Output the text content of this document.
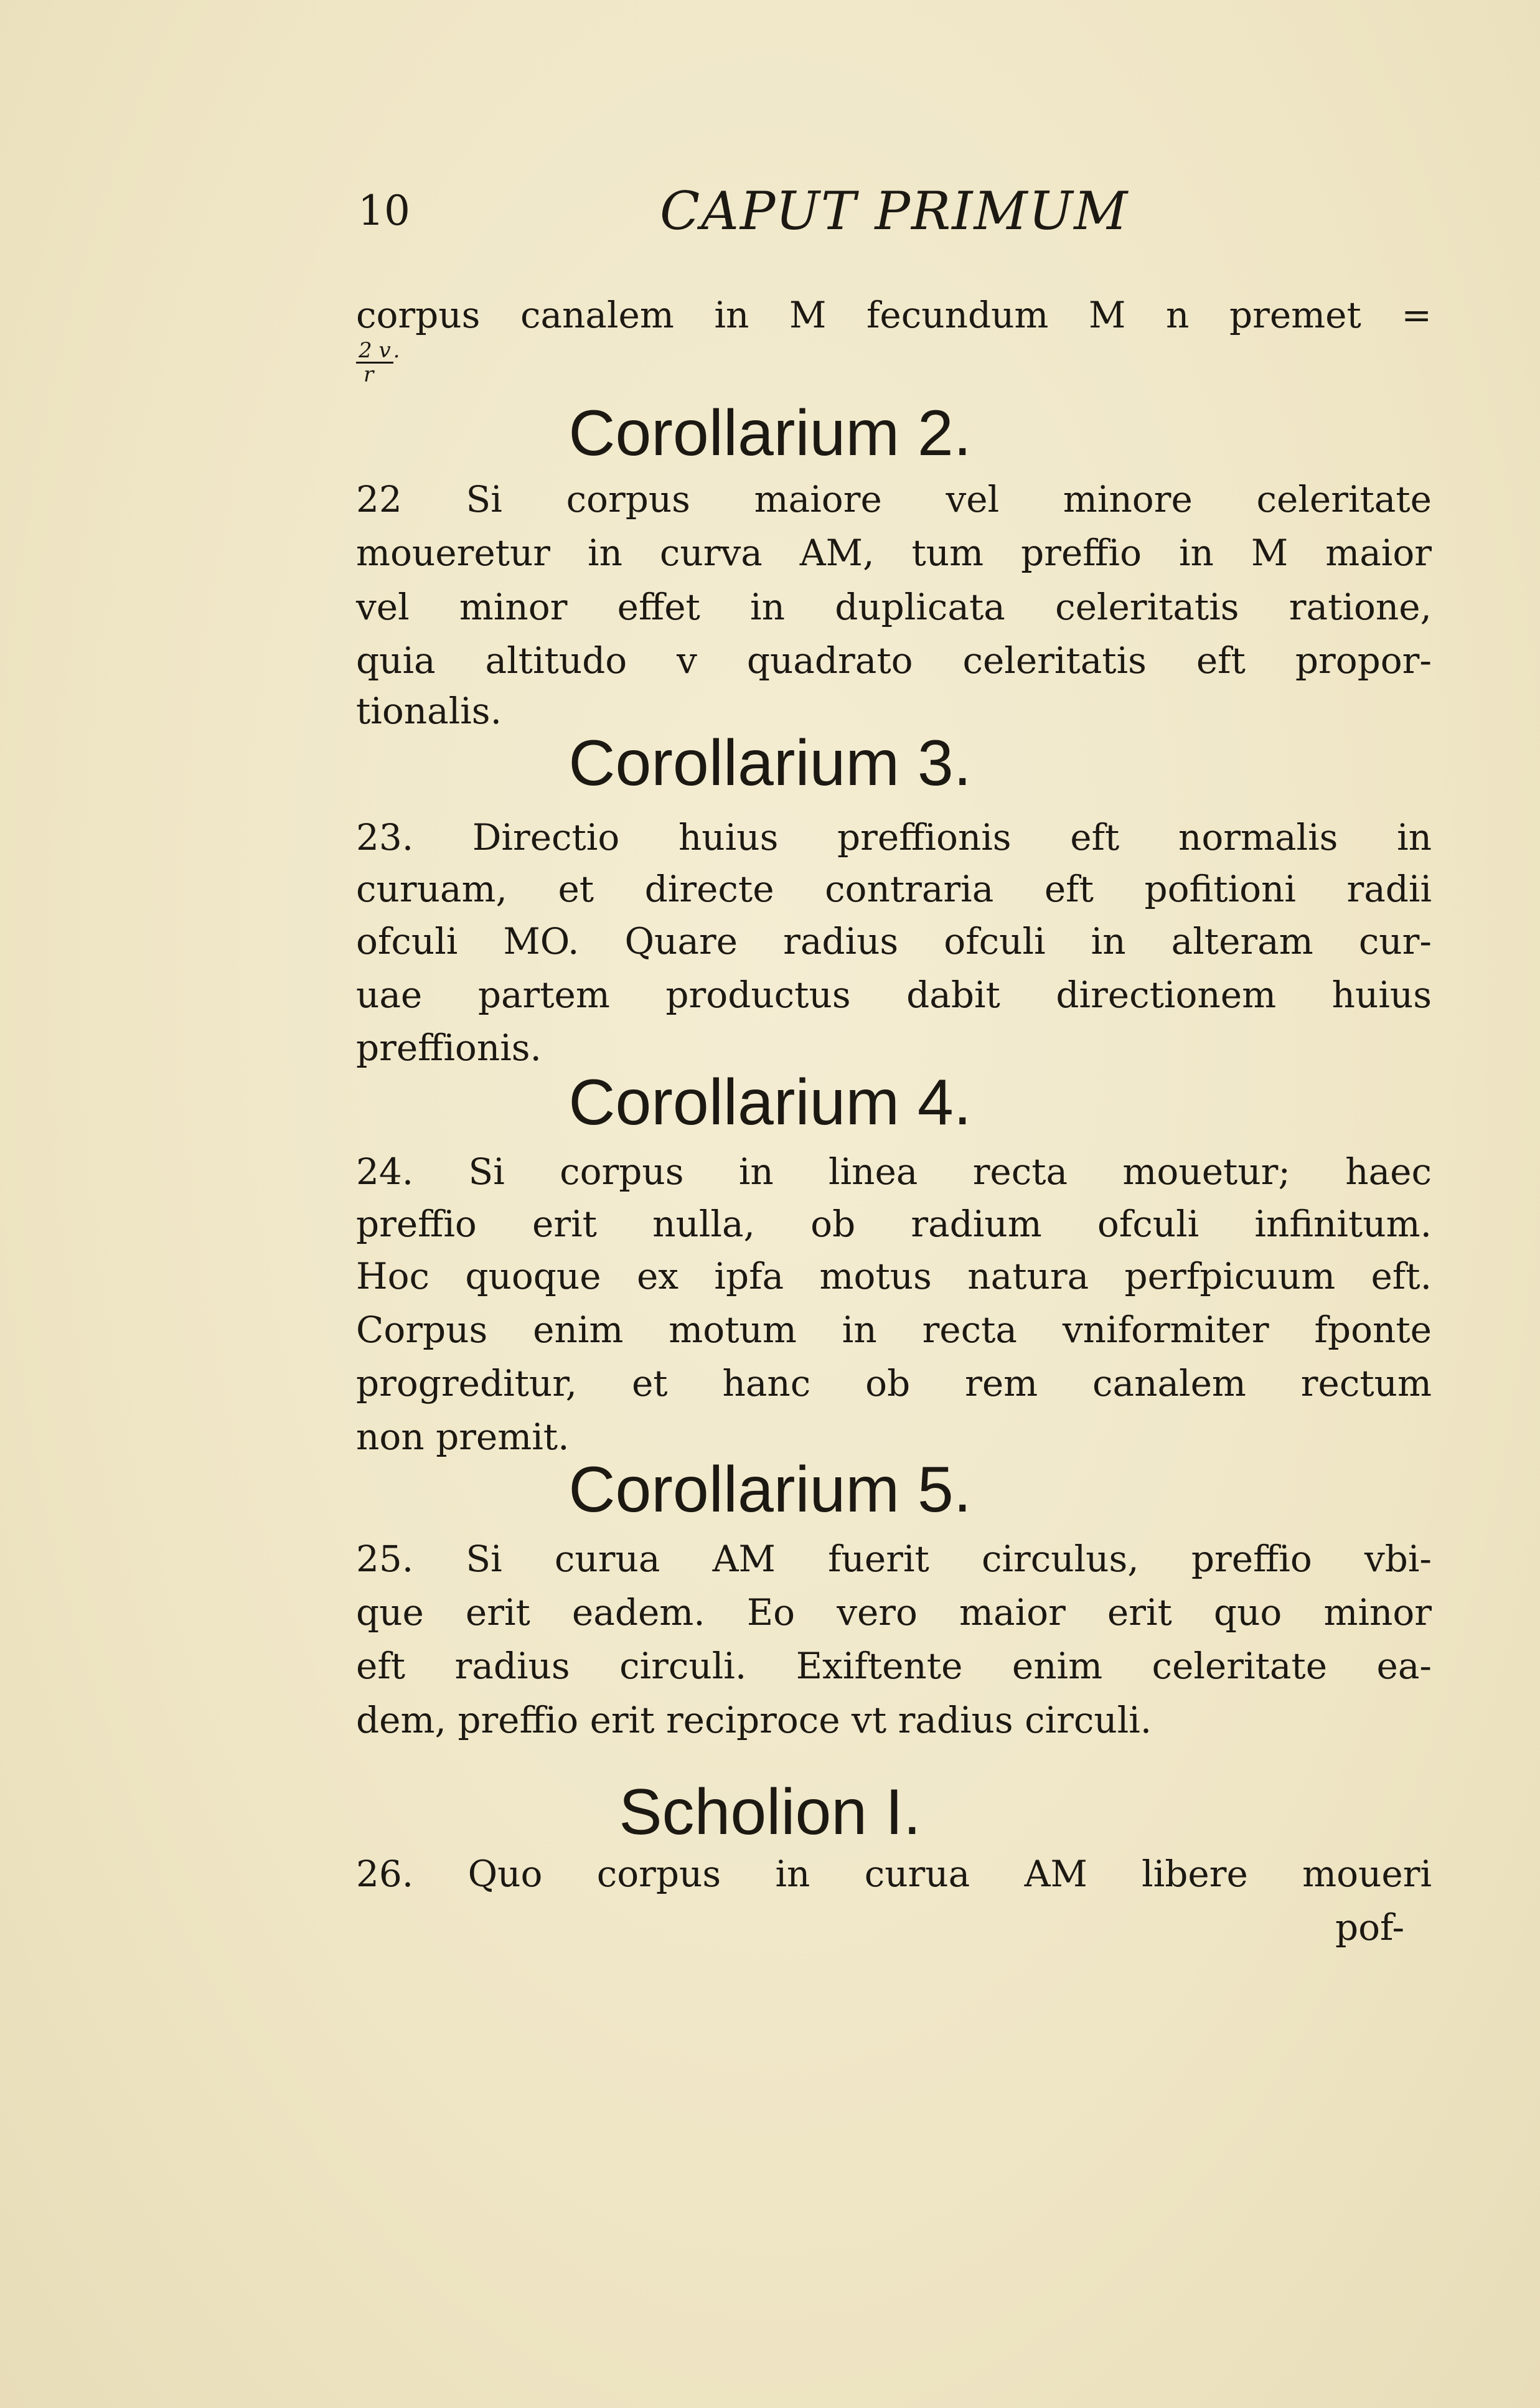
10	CAPUT PRIMUM
corpus canalem in M fecundum M n premet =
2 v .
r
Corollarium 2.
22 Si corpus maiore vel minore celeritate
moueretur in curva AM, tum preffio in M maior
vel minor effet in duplicata celeritatis ratione,
quia altitudo v quadrato celeritatis eft propor-
tionalis.
Corollarium 3.
23. Directio huius preffionis eft normalis in
curuam, et directe contraria eft pofitioni radii
ofculi MO. Quare radius ofculi in alteram cur-
uae partem productus dabit directionem huius
preffionis.
Corollarium 4.
24. Si corpus in linea recta mouetur; haec
preffio erit nulla, ob radium ofculi infinitum.
Hoc quoque ex ipfa motus natura perfpicuum eft.
Corpus enim motum in recta vniformiter fponte
progreditur, et hanc ob rem canalem rectum
non premit.
Corollarium 5.
25. Si curua AM fuerit circulus, preffio vbi-
que erit eadem. Eo vero maior erit quo minor
eft radius circuli. Exiftente enim celeritate ea-
dem, preffio erit reciproce vt radius circuli.
Scholion I.
26. Quo corpus in curua AM libere moueri
pof-
